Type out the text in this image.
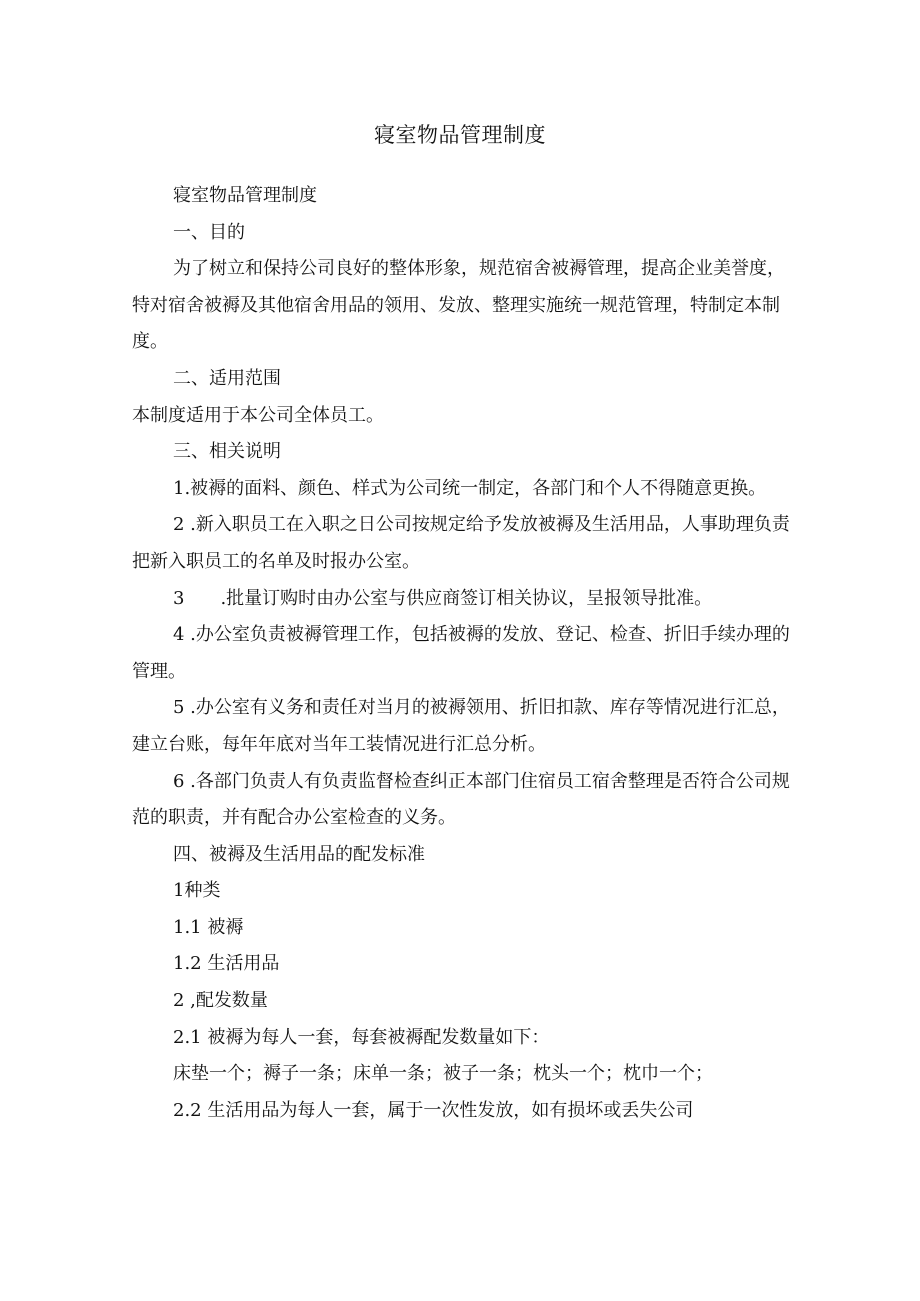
寝室物品管理制度

寝室物品管理制度

一、目的

为了树立和保持公司良好的整体形象，规范宿舍被褥管理，提高企业美誉度，特对宿舍被褥及其他宿舍用品的领用、发放、整理实施统一规范管理，特制定本制度。

二、适用范围

本制度适用于本公司全体员工。

三、相关说明

1.被褥的面料、颜色、样式为公司统一制定，各部门和个人不得随意更换。

2 .新入职员工在入职之日公司按规定给予发放被褥及生活用品，人事助理负责把新入职员工的名单及时报办公室。

3　　.批量订购时由办公室与供应商签订相关协议，呈报领导批准。

4 .办公室负责被褥管理工作，包括被褥的发放、登记、检查、折旧手续办理的管理。

5 .办公室有义务和责任对当月的被褥领用、折旧扣款、库存等情况进行汇总，建立台账，每年年底对当年工装情况进行汇总分析。

6 .各部门负责人有负责监督检查纠正本部门住宿员工宿舍整理是否符合公司规范的职责，并有配合办公室检查的义务。

四、被褥及生活用品的配发标准

1种类

1.1 被褥

1.2 生活用品

2 ,配发数量

2.1 被褥为每人一套，每套被褥配发数量如下：

床垫一个；褥子一条；床单一条；被子一条；枕头一个；枕巾一个；

2.2 生活用品为每人一套，属于一次性发放，如有损坏或丢失公司
